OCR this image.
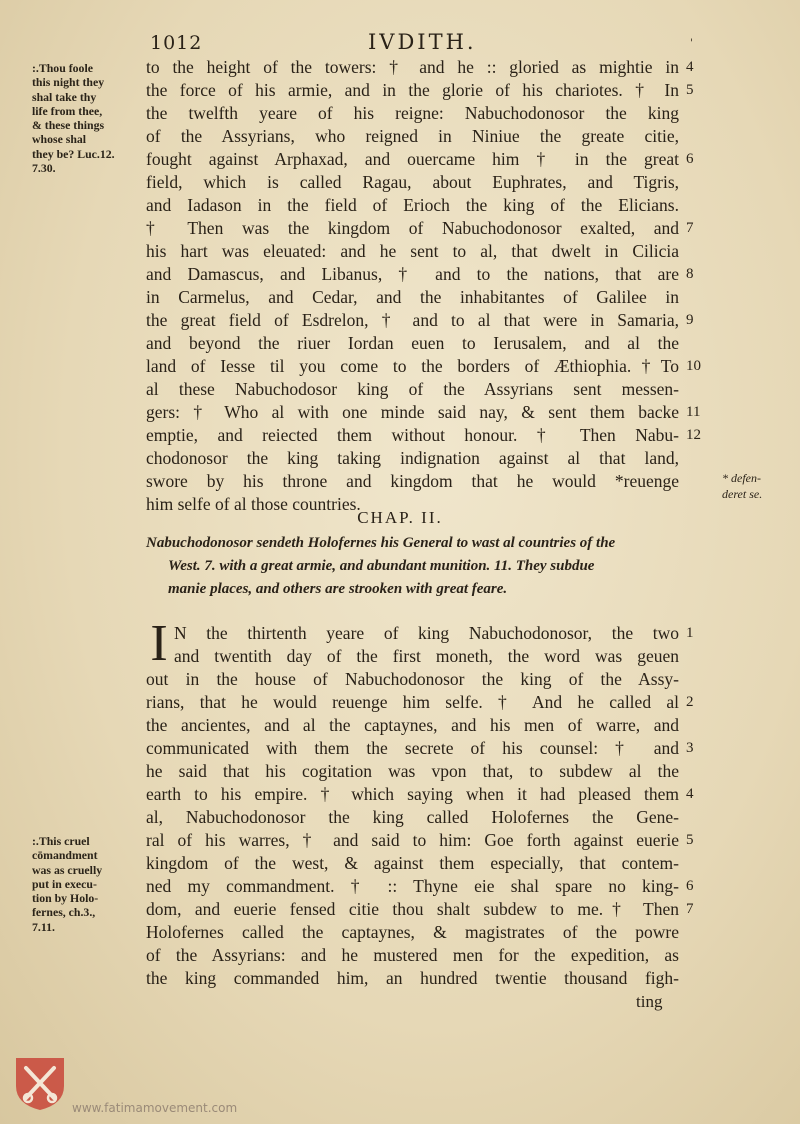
1012	IVDITH.	'
:.Thou foole
this night they
shal take thy
life from thee,
& these things
whose shal
they be? Luc.12.
7.30.
to the height of the towers: † and he :: gloried as mightie in
the force of his armie, and in the glorie of his chariotes. † In
the twelfth yeare of his reigne: Nabuchodonosor the king
of the Assyrians, who reigned in Niniue the greate citie,
fought against Arphaxad, and ouercame him † in the great
field, which is called Ragau, about Euphrates, and Tigris,
and Iadason in the field of Erioch the king of the Elicians.
† Then was the kingdom of Nabuchodonosor exalted, and
his hart was eleuated: and he sent to al, that dwelt in Cilicia
and Damascus, and Libanus, † and to the nations, that are
in Carmelus, and Cedar, and the inhabitantes of Galilee in
the great field of Esdrelon, † and to al that were in Samaria,
and beyond the riuer Iordan euen to Ierusalem, and al the
land of Iesse til you come to the borders of Æthiophia.†To
al these Nabuchodosor king of the Assyrians sent messen-
gers: † Who al with one minde said nay, & sent them backe
emptie, and reiected them without honour. † Then Nabu-
chodonosor the king taking indignation against al that land,
swore by his throne and kingdom that he would *reuenge
him selfe of al those countries.
4
5
6
7
8
9
10
11
12
* defen-
deret se.
CHAP. II.
Nabuchodonosor sendeth Holofernes his General to wast al countries of the
West. 7. with a great armie, and abundant munition. 11. They subdue
manie places, and others are strooken with great feare.
I N the thirtenth yeare of king Nabuchodonosor, the two
and twentith day of the first moneth, the word was geuen
out in the house of Nabuchodonosor the king of the Assy-
rians, that he would reuenge him selfe. † And he called al
the ancientes, and al the captaynes, and his men of warre, and
communicated with them the secrete of his counsel: † and
he said that his cogitation was vpon that, to subdew al the
earth to his empire. † which saying when it had pleased them
al, Nabuchodonosor the king called Holofernes the Gene-
ral of his warres, † and said to him: Goe forth against euerie
kingdom of the west, & against them especially, that contem-
ned my commandment. † :: Thyne eie shal spare no king-
dom, and euerie fensed citie thou shalt subdew to me.† Then
Holofernes called the captaynes, & magistrates of the powre
of the Assyrians: and he mustered men for the expedition, as
the king commanded him, an hundred twentie thousand figh-
1
2
3
4
5
6
7
:.This cruel
cōmandment
was as cruelly
put in execu-
tion by Holo-
fernes, ch.3.,
7.11.
ting
www.fatimamovement.com
